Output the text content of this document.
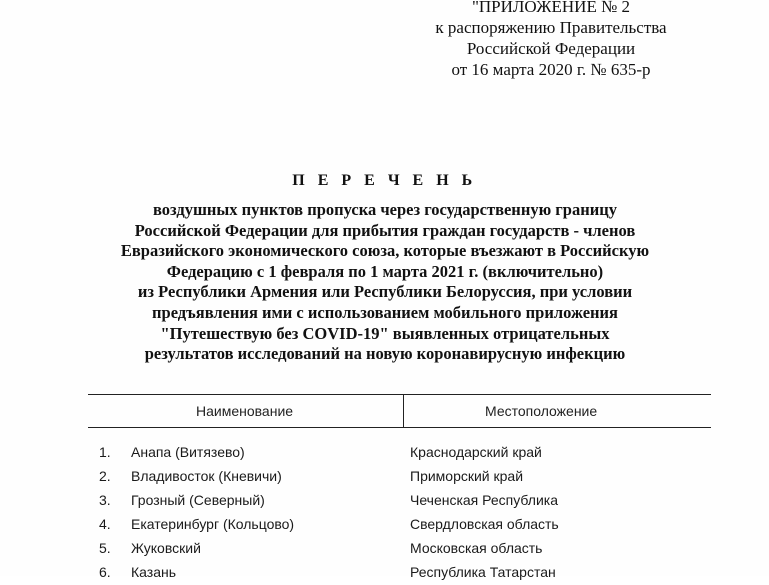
"ПРИЛОЖЕНИЕ № 2
к распоряжению Правительства
Российской Федерации
от 16 марта 2020 г. № 635-р
П Е Р Е Ч Е Н Ь
воздушных пунктов пропуска через государственную границу
Российской Федерации для прибытия граждан государств - членов
Евразийского экономического союза, которые въезжают в Российскую
Федерацию с 1 февраля по 1 марта 2021 г. (включительно)
из Республики Армения или Республики Белоруссия, при условии
предъявления ими с использованием мобильного приложения
"Путешествую без COVID-19" выявленных отрицательных
результатов исследований на новую коронавирусную инфекцию
Наименование	Местоположение
1. Анапа (Витязево)	Краснодарский край
2. Владивосток (Кневичи)	Приморский край
3. Грозный (Северный)	Чеченская Республика
4. Екатеринбург (Кольцово)	Свердловская область
5. Жуковский	Московская область
6. Казань	Республика Татарстан
